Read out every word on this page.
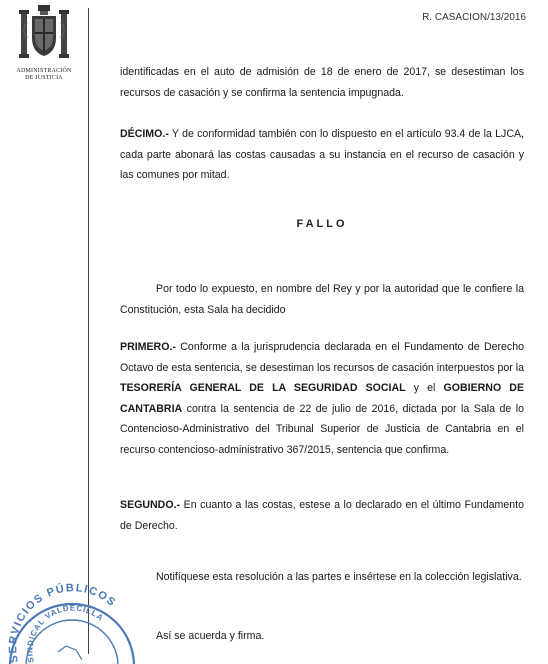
R. CASACION/13/2016
ADMINISTRACIÓN
DE JUSTICIA	identificadas en el auto de admisión de 18 de enero de 2017, se desestiman los recursos de casación y se confirma la sentencia impugnada.

DÉCIMO.- Y de conformidad también con lo dispuesto en el artículo 93.4 de la LJCA, cada parte abonará las costas causadas a su instancia en el recurso de casación y las comunes por mitad.

FALLO

Por todo lo expuesto, en nombre del Rey y por la autoridad que le confiere la Constitución, esta Sala ha decidido

PRIMERO.- Conforme a la jurisprudencia declarada en el Fundamento de Derecho Octavo de esta sentencia, se desestiman los recursos de casación interpuestos por la TESORERÍA GENERAL DE LA SEGURIDAD SOCIAL y el GOBIERNO DE CANTABRIA contra la sentencia de 22 de julio de 2016, dictada por la Sala de lo Contencioso-Administrativo del Tribunal Superior de Justicia de Cantabria en el recurso contencioso-administrativo 367/2015, sentencia que confirma.

SEGUNDO.- En cuanto a las costas, estese a lo declarado en el último Fundamento de Derecho.

Notifíquese esta resolución a las partes e insértese en la colección legislativa.

Así se acuerda y firma.

SERVICIOS PÚBLICOS
SINDICAL VALDECILLA
